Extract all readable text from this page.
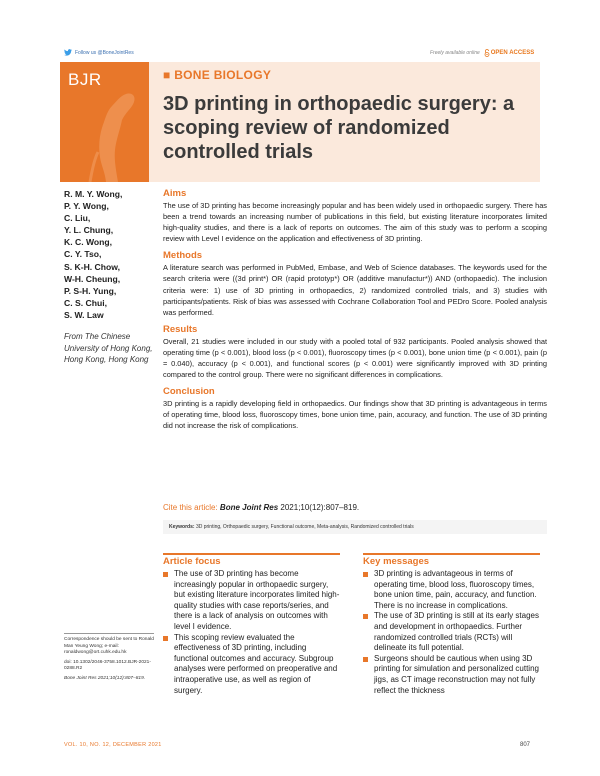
Follow us @BoneJointRes	Freely available online OPEN ACCESS
BJR	■ BONE BIOLOGY
3D printing in orthopaedic surgery: a scoping review of randomized controlled trials
R. M. Y. Wong,
P. Y. Wong,
C. Liu,
Y. L. Chung,
K. C. Wong,
C. Y. Tso,
S. K-H. Chow,
W-H. Cheung,
P. S-H. Yung,
C. S. Chui,
S. W. Law
From The Chinese University of Hong Kong, Hong Kong, Hong Kong
Aims

The use of 3D printing has become increasingly popular and has been widely used in orthopaedic surgery. There has been a trend towards an increasing number of publications in this field, but existing literature incorporates limited high-quality studies, and there is a lack of reports on outcomes. The aim of this study was to perform a scoping review with Level I evidence on the application and effectiveness of 3D printing.

Methods

A literature search was performed in PubMed, Embase, and Web of Science databases. The keywords used for the search criteria were ((3d print*) OR (rapid prototyp*) OR (additive manufactur*)) AND (orthopaedic). The inclusion criteria were: 1) use of 3D printing in orthopaedics, 2) randomized controlled trials, and 3) studies with participants/patients. Risk of bias was assessed with Cochrane Collaboration Tool and PEDro Score. Pooled analysis was performed.

Results

Overall, 21 studies were included in our study with a pooled total of 932 participants. Pooled analysis showed that operating time (p < 0.001), blood loss (p < 0.001), fluoroscopy times (p < 0.001), bone union time (p < 0.001), pain (p = 0.040), accuracy (p < 0.001), and functional scores (p < 0.001) were significantly improved with 3D printing compared to the control group. There were no significant differences in complications.

Conclusion

3D printing is a rapidly developing field in orthopaedics. Our findings show that 3D printing is advantageous in terms of operating time, blood loss, fluoroscopy times, bone union time, pain, accuracy, and function. The use of 3D printing did not increase the risk of complications.

Cite this article: Bone Joint Res 2021;10(12):807–819.
Keywords: 3D printing, Orthopaedic surgery, Functional outcome, Meta-analysis, Randomized controlled trials
Article focus
The use of 3D printing has become increasingly popular in orthopaedic surgery, but existing literature incorporates limited high-quality studies with case reports/series, and there is a lack of analysis on outcomes with level I evidence.
This scoping review evaluated the effectiveness of 3D printing, including functional outcomes and accuracy. Subgroup analyses were performed on preoperative and intraoperative use, as well as region of surgery.
Key messages
3D printing is advantageous in terms of operating time, blood loss, fluoroscopy times, bone union time, pain, accuracy, and function. There is no increase in complications.
The use of 3D printing is still at its early stages and development in orthopaedics. Further randomized controlled trials (RCTs) will delineate its full potential.
Surgeons should be cautious when using 3D printing for simulation and personalized cutting jigs, as CT image reconstruction may not fully reflect the thickness

Correspondence should be sent to Ronald Man Yeung Wong; e-mail: ronaldwong@ort.cuhk.edu.hk

doi: 10.1302/2046-3758.1012.BJR-2021-0288.R2

Bone Joint Res 2021;10(12):807–819.

VOL. 10, NO. 12, DECEMBER 2021	807
